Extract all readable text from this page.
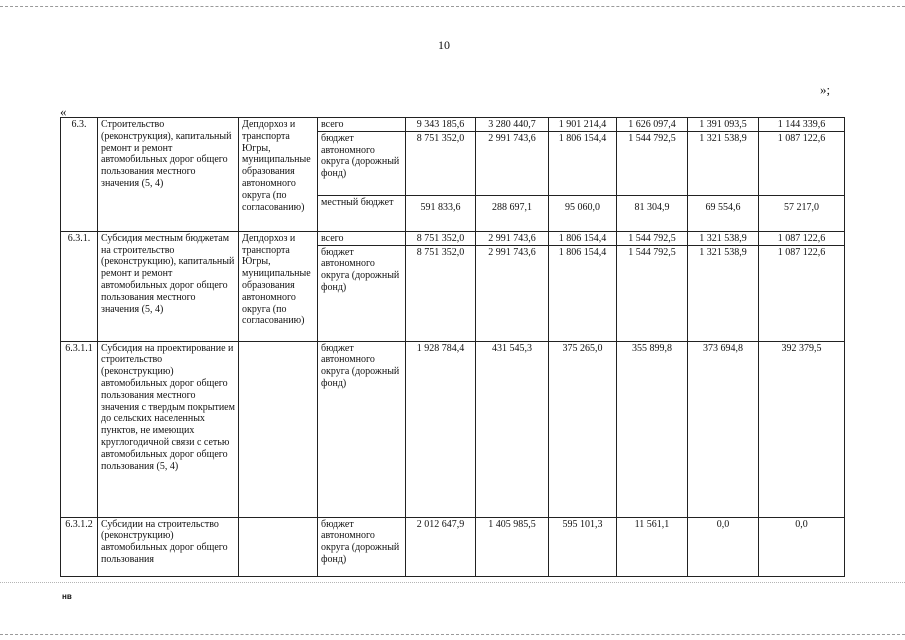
10
»;
«
6.3.	Строительство (реконструкция), капитальный ремонт и ремонт автомобильных дорог общего пользования местного значения (5, 4)	Депдорхоз и транспорта Югры, муниципальные образования автономного округа (по согласованию)	всего	9 343 185,6	3 280 440,7	1 901 214,4	1 626 097,4	1 391 093,5	1 144 339,6
			бюджет автономного округа (дорожный фонд)	8 751 352,0	2 991 743,6	1 806 154,4	1 544 792,5	1 321 538,9	1 087 122,6
			местный бюджет	591 833,6	288 697,1	95 060,0	81 304,9	69 554,6	57 217,0
6.3.1.	Субсидия местным бюджетам на строительство (реконструкцию), капитальный ремонт и ремонт автомобильных дорог общего пользования местного значения (5, 4)	Депдорхоз и транспорта Югры, муниципальные образования автономного округа (по согласованию)	всего	8 751 352,0	2 991 743,6	1 806 154,4	1 544 792,5	1 321 538,9	1 087 122,6
			бюджет автономного округа (дорожный фонд)	8 751 352,0	2 991 743,6	1 806 154,4	1 544 792,5	1 321 538,9	1 087 122,6
6.3.1.1	Субсидия на проектирование и строительство (реконструкцию) автомобильных дорог общего пользования местного значения с твердым покрытием до сельских населенных пунктов, не имеющих круглогодичной связи с сетью автомобильных дорог общего пользования (5, 4)		бюджет автономного округа (дорожный фонд)	1 928 784,4	431 545,3	375 265,0	355 899,8	373 694,8	392 379,5
6.3.1.2	Субсидии на строительство (реконструкцию) автомобильных дорог общего пользования		бюджет автономного округа (дорожный фонд)	2 012 647,9	1 405 985,5	595 101,3	11 561,1	0,0	0,0
нв
